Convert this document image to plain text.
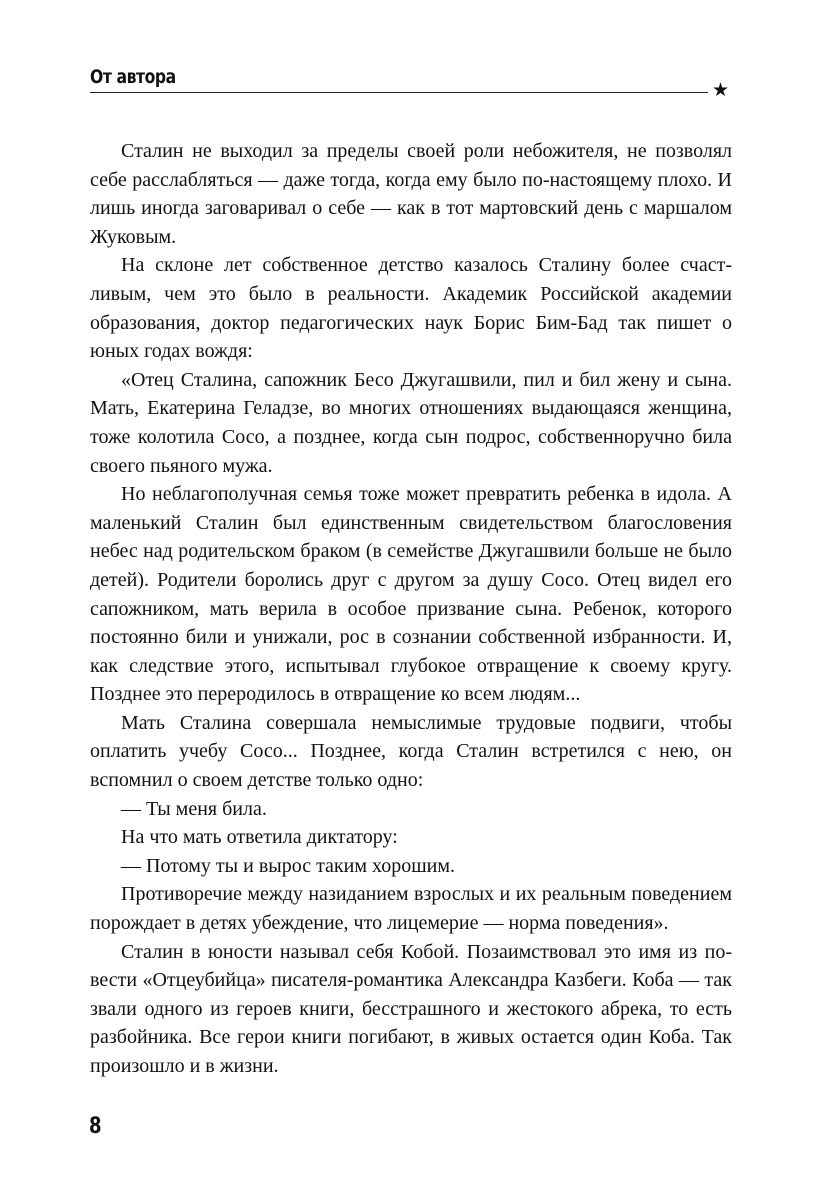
От автора
★

Сталин не выходил за пределы своей роли небожителя, не позволял себе расслабляться — даже тогда, когда ему было по-настоящему плохо. И лишь иногда заговаривал о себе — как в тот мартовский день с маршалом Жуковым.

На склоне лет собственное детство казалось Сталину более счастливым, чем это было в реальности. Академик Российской академии образования, доктор педагогических наук Борис Бим-Бад так пишет о юных годах вождя:

«Отец Сталина, сапожник Бесо Джугашвили, пил и бил жену и сына. Мать, Екатерина Геладзе, во многих отношениях выдающаяся женщина, тоже колотила Сосо, а позднее, когда сын подрос, собственноручно била своего пьяного мужа.

Но неблагополучная семья тоже может превратить ребенка в идола. А маленький Сталин был единственным свидетельством благословения небес над родительском браком (в семействе Джугашвили больше не было детей). Родители боролись друг с другом за душу Сосо. Отец видел его сапожником, мать верила в особое призвание сына. Ребенок, которого постоянно били и унижали, рос в сознании собственной избранности. И, как следствие этого, испытывал глубокое отвращение к своему кругу. Позднее это переродилось в отвращение ко всем людям...

Мать Сталина совершала немыслимые трудовые подвиги, чтобы оплатить учебу Сосо... Позднее, когда Сталин встретился с нею, он вспомнил о своем детстве только одно:

— Ты меня била.

На что мать ответила диктатору:

— Потому ты и вырос таким хорошим.

Противоречие между назиданием взрослых и их реальным поведением порождает в детях убеждение, что лицемерие — норма поведения».

Сталин в юности называл себя Кобой. Позаимствовал это имя из повести «Отцеубийца» писателя-романтика Александра Казбеги. Коба — так звали одного из героев книги, бесстрашного и жестокого абрека, то есть разбойника. Все герои книги погибают, в живых остается один Коба. Так произошло и в жизни.

8
